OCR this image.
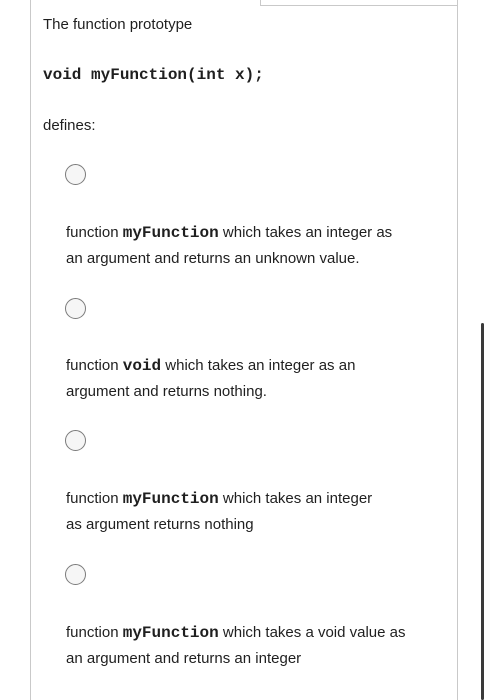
The function prototype
void myFunction(int x);
defines:
function myFunction which takes an integer as
an argument and returns an unknown value.
function void which takes an integer as an
argument and returns nothing.
function myFunction which takes an integer
as argument returns nothing
function myFunction which takes a void value as
an argument and returns an integer
